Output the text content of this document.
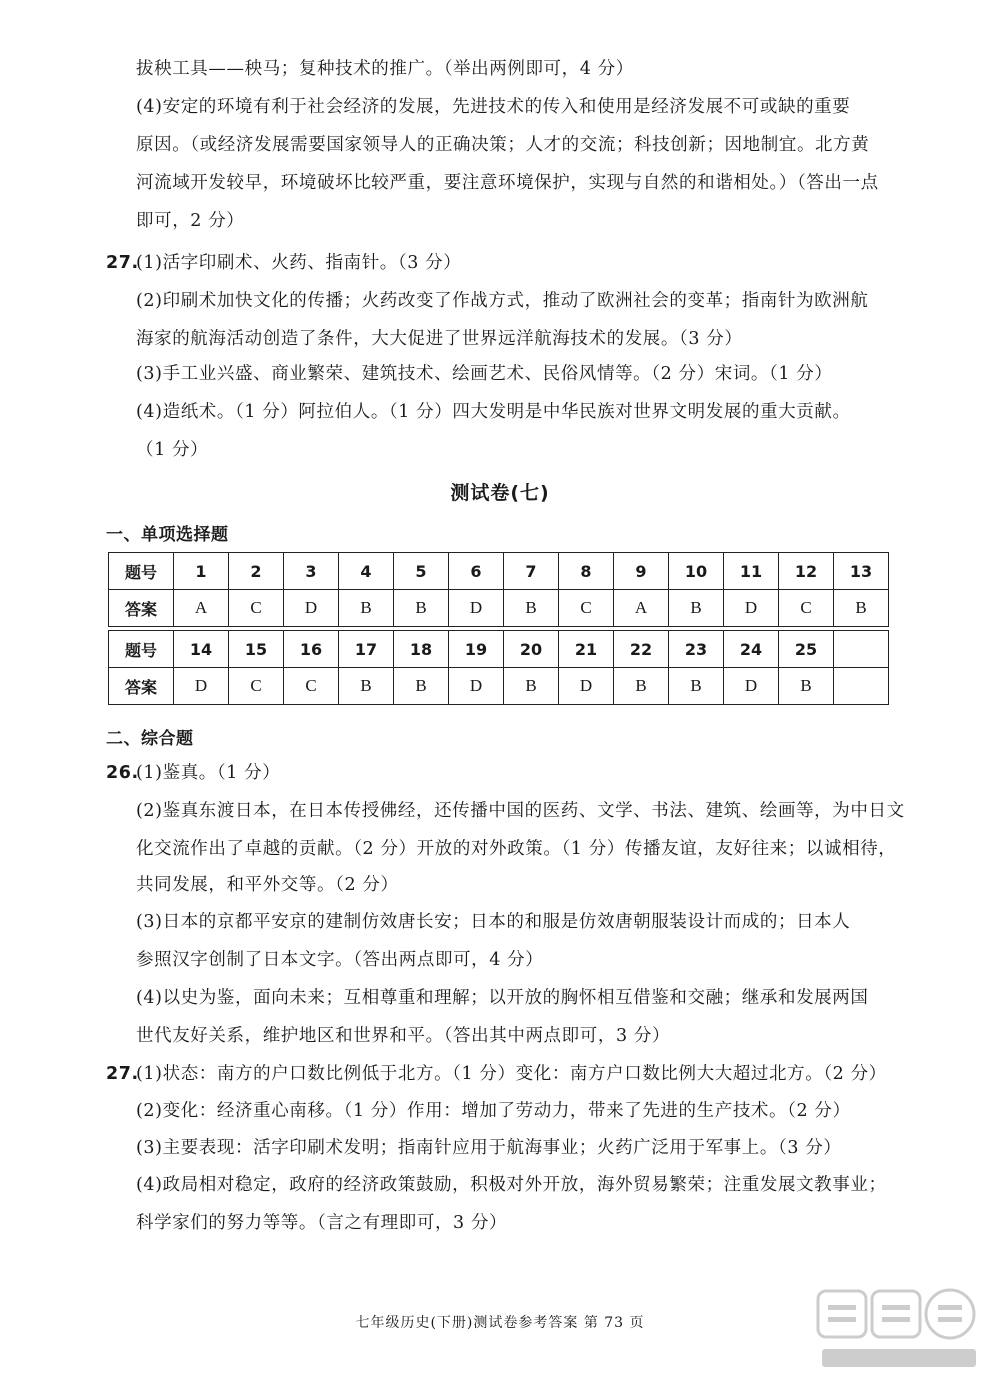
拔秧工具——秧马；复种技术的推广。（举出两例即可，4 分）
(4)安定的环境有利于社会经济的发展，先进技术的传入和使用是经济发展不可或缺的重要
原因。（或经济发展需要国家领导人的正确决策；人才的交流；科技创新；因地制宜。北方黄
河流域开发较早，环境破坏比较严重，要注意环境保护，实现与自然的和谐相处。）（答出一点
即可，2 分）
27.
(1)活字印刷术、火药、指南针。（3 分）
(2)印刷术加快文化的传播；火药改变了作战方式，推动了欧洲社会的变革；指南针为欧洲航
海家的航海活动创造了条件，大大促进了世界远洋航海技术的发展。（3 分）
(3)手工业兴盛、商业繁荣、建筑技术、绘画艺术、民俗风情等。（2 分）宋词。（1 分）
(4)造纸术。（1 分）阿拉伯人。（1 分）四大发明是中华民族对世界文明发展的重大贡献。
（1 分）
测试卷(七)
一、单项选择题
题号	1	2	3	4	5	6	7	8	9	10	11	12	13
答案	A	C	D	B	B	D	B	C	A	B	D	C	B
题号	14	15	16	17	18	19	20	21	22	23	24	25	
答案	D	C	C	B	B	D	B	D	B	B	D	B	
二、综合题
26.
(1)鉴真。（1 分）
(2)鉴真东渡日本，在日本传授佛经，还传播中国的医药、文学、书法、建筑、绘画等，为中日文
化交流作出了卓越的贡献。（2 分）开放的对外政策。（1 分）传播友谊，友好往来；以诚相待，
共同发展，和平外交等。（2 分）
(3)日本的京都平安京的建制仿效唐长安；日本的和服是仿效唐朝服装设计而成的；日本人
参照汉字创制了日本文字。（答出两点即可，4 分）
(4)以史为鉴，面向未来；互相尊重和理解；以开放的胸怀相互借鉴和交融；继承和发展两国
世代友好关系，维护地区和世界和平。（答出其中两点即可，3 分）
27.
(1)状态：南方的户口数比例低于北方。（1 分）变化：南方户口数比例大大超过北方。（2 分）
(2)变化：经济重心南移。（1 分）作用：增加了劳动力，带来了先进的生产技术。（2 分）
(3)主要表现：活字印刷术发明；指南针应用于航海事业；火药广泛用于军事上。（3 分）
(4)政局相对稳定，政府的经济政策鼓励，积极对外开放，海外贸易繁荣；注重发展文教事业；
科学家们的努力等等。（言之有理即可，3 分）
七年级历史(下册)测试卷参考答案 第 73 页
